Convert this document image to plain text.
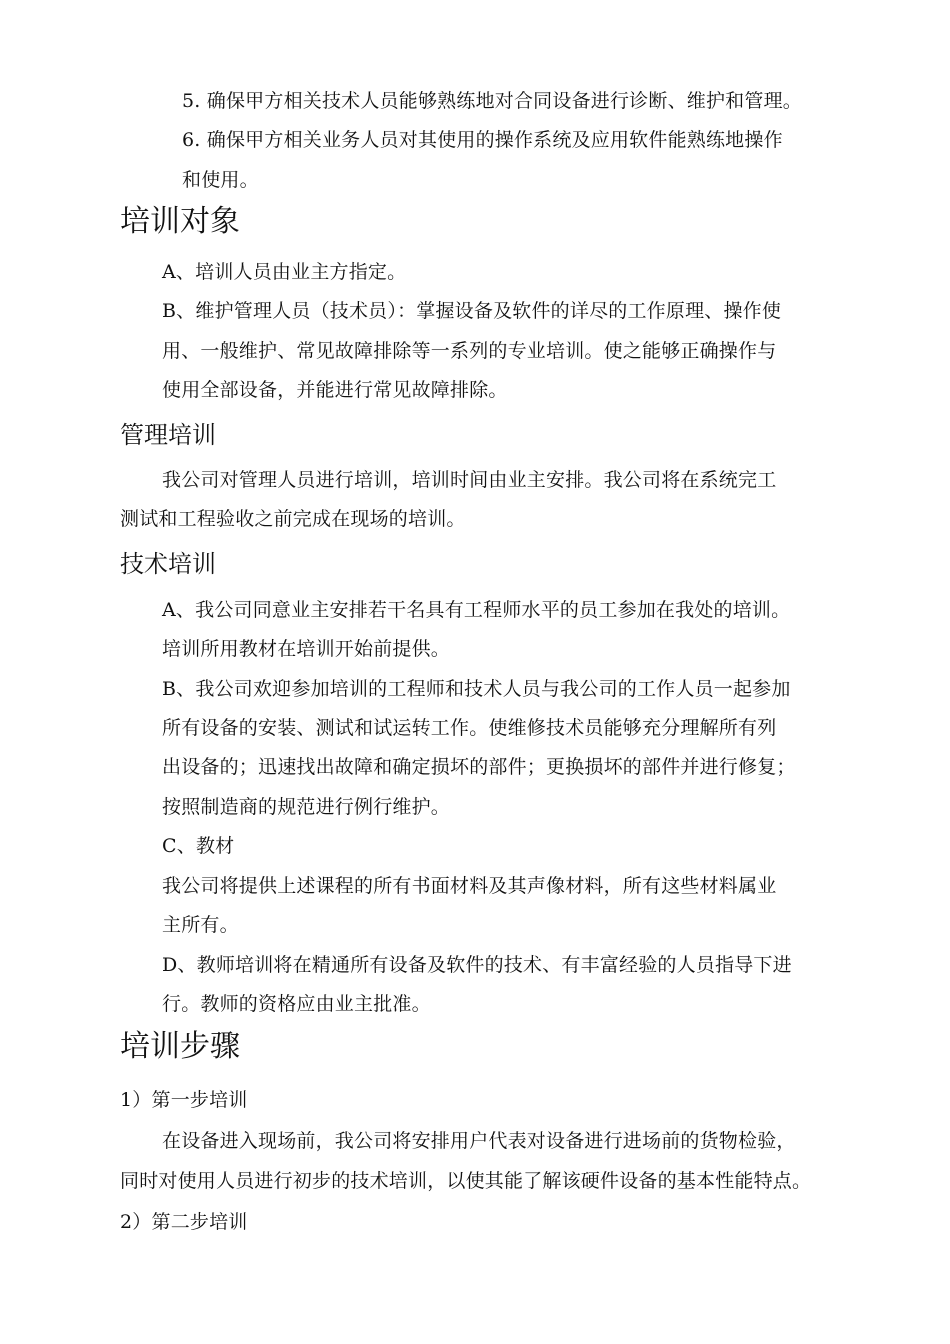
5. 确保甲方相关技术人员能够熟练地对合同设备进行诊断、维护和管理。
6. 确保甲方相关业务人员对其使用的操作系统及应用软件能熟练地操作
和使用。
培训对象
A、培训人员由业主方指定。
B、维护管理人员（技术员）：掌握设备及软件的详尽的工作原理、操作使
用、一般维护、常见故障排除等一系列的专业培训。使之能够正确操作与
使用全部设备，并能进行常见故障排除。
管理培训
我公司对管理人员进行培训，培训时间由业主安排。我公司将在系统完工
测试和工程验收之前完成在现场的培训。
技术培训
A、我公司同意业主安排若干名具有工程师水平的员工参加在我处的培训。
培训所用教材在培训开始前提供。
B、我公司欢迎参加培训的工程师和技术人员与我公司的工作人员一起参加
所有设备的安装、测试和试运转工作。使维修技术员能够充分理解所有列
出设备的；迅速找出故障和确定损坏的部件；更换损坏的部件并进行修复；
按照制造商的规范进行例行维护。
C、教材
我公司将提供上述课程的所有书面材料及其声像材料，所有这些材料属业
主所有。
D、教师培训将在精通所有设备及软件的技术、有丰富经验的人员指导下进
行。教师的资格应由业主批准。
培训步骤
1）第一步培训
在设备进入现场前，我公司将安排用户代表对设备进行进场前的货物检验，
同时对使用人员进行初步的技术培训，以使其能了解该硬件设备的基本性能特点。
2）第二步培训
